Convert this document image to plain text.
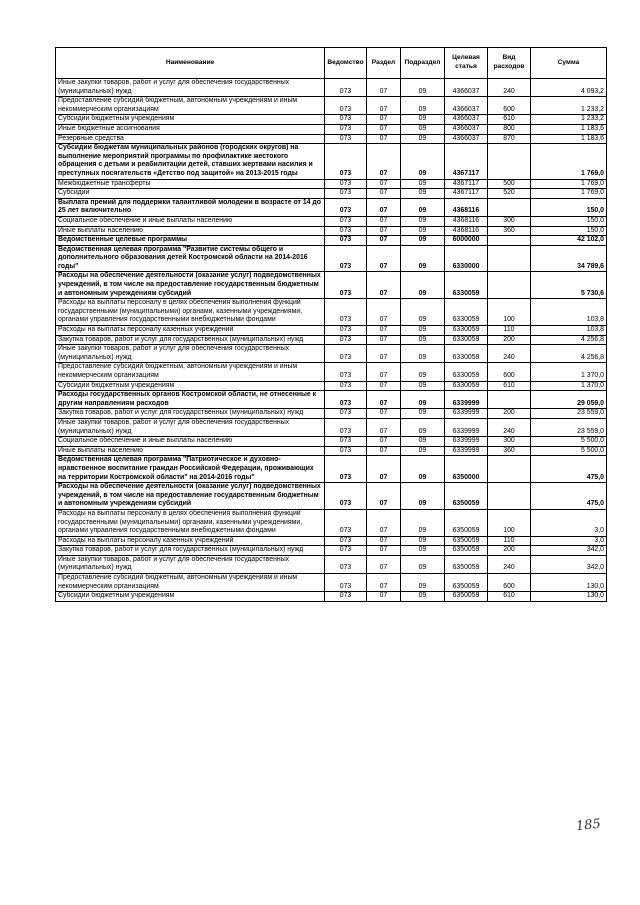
Наименование	Ведомство	Раздел	Подраздел	Целевая статья	Вид расходов	Сумма
Иные закупки товаров, работ и услуг для обеспечения государственных (муниципальных) нужд	073	07	09	4366037	240	4 093,2
Предоставление субсидий бюджетным, автономным учреждениям и иным некоммерческим организациям	073	07	09	4366037	600	1 233,2
Субсидии бюджетным учреждениям	073	07	09	4366037	610	1 233,2
Иные бюджетные ассигнования	073	07	09	4366037	800	1 183,6
Резервные средства	073	07	09	4366037	870	1 183,6
Субсидии бюджетам муниципальных районов (городских округов) на выполнение мероприятий программы по профилактике жестокого обращения с детьми и реабилитации детей, ставших жертвами насилия и преступных посягательств «Детство под защитой» на 2013-2015 годы	073	07	09	4367117		1 769,0
Межбюджетные трансферты	073	07	09	4367117	500	1 769,0
Субсидии	073	07	09	4367117	520	1 769,0
Выплата премий для поддержки талантливой молодежи в возрасте от 14 до 25 лет включительно	073	07	09	4368116		150,0
Социальное обеспечение и иные выплаты населению	073	07	09	4368116	300	150,0
Иные выплаты населению	073	07	09	4368116	360	150,0
Ведомственные целевые программы	073	07	09	6000000		42 102,0
Ведомственная целевая программа "Развитие системы общего и дополнительного образования детей Костромской области на 2014-2016 годы"	073	07	09	6330000		34 789,6
Расходы на обеспечение деятельности (оказание услуг) подведомственных учреждений, в том числе на предоставление государственным бюджетным и автономным учреждениям субсидий	073	07	09	6330059		5 730,6
Расходы на выплаты персоналу в целях обеспечения выполнения функций государственными (муниципальными) органами, казенными учреждениями, органами управления государственными внебюджетными фондами	073	07	09	6330059	100	103,8
Расходы на выплаты персоналу казенных учреждений	073	07	09	6330059	110	103,8
Закупка товаров, работ и услуг для государственных (муниципальных) нужд	073	07	09	6330059	200	4 256,8
Иные закупки товаров, работ и услуг для обеспечения государственных (муниципальных) нужд	073	07	09	6330059	240	4 256,8
Предоставление субсидий бюджетным, автономным учреждениям и иным некоммерческим организациям	073	07	09	6330059	600	1 370,0
Субсидии бюджетным учреждениям	073	07	09	6330059	610	1 370,0
Расходы государственных органов Костромской области, не отнесенные к другим направлениям расходов	073	07	09	6339999		29 059,0
Закупка товаров, работ и услуг для государственных (муниципальных) нужд	073	07	09	6339999	200	23 559,0
Иные закупки товаров, работ и услуг для обеспечения государственных (муниципальных) нужд	073	07	09	6339999	240	23 559,0
Социальное обеспечение и иные выплаты населению	073	07	09	6339999	300	5 500,0
Иные выплаты населению	073	07	09	6339999	360	5 500,0
Ведомственная целевая программа "Патриотическое и духовно-нравственное воспитание граждан Российской Федерации, проживающих на территории Костромской области" на 2014-2016 годы"	073	07	09	6350000		475,0
Расходы на обеспечение деятельности (оказание услуг) подведомственных учреждений, в том числе на предоставление государственным бюджетным и автономным учреждениям субсидий	073	07	09	6350059		475,0
Расходы на выплаты персоналу в целях обеспечения выполнения функций государственными (муниципальными) органами, казенными учреждениями, органами управления государственными внебюджетными фондами	073	07	09	6350059	100	3,0
Расходы на выплаты персоналу казенных учреждений	073	07	09	6350059	110	3,0
Закупка товаров, работ и услуг для государственных (муниципальных) нужд	073	07	09	6350059	200	342,0
Иные закупки товаров, работ и услуг для обеспечения государственных (муниципальных) нужд	073	07	09	6350059	240	342,0
Предоставление субсидий бюджетным, автономным учреждениям и иным некоммерческим организациям	073	07	09	6350059	600	130,0
Субсидии бюджетным учреждениям	073	07	09	6350059	610	130,0
185
